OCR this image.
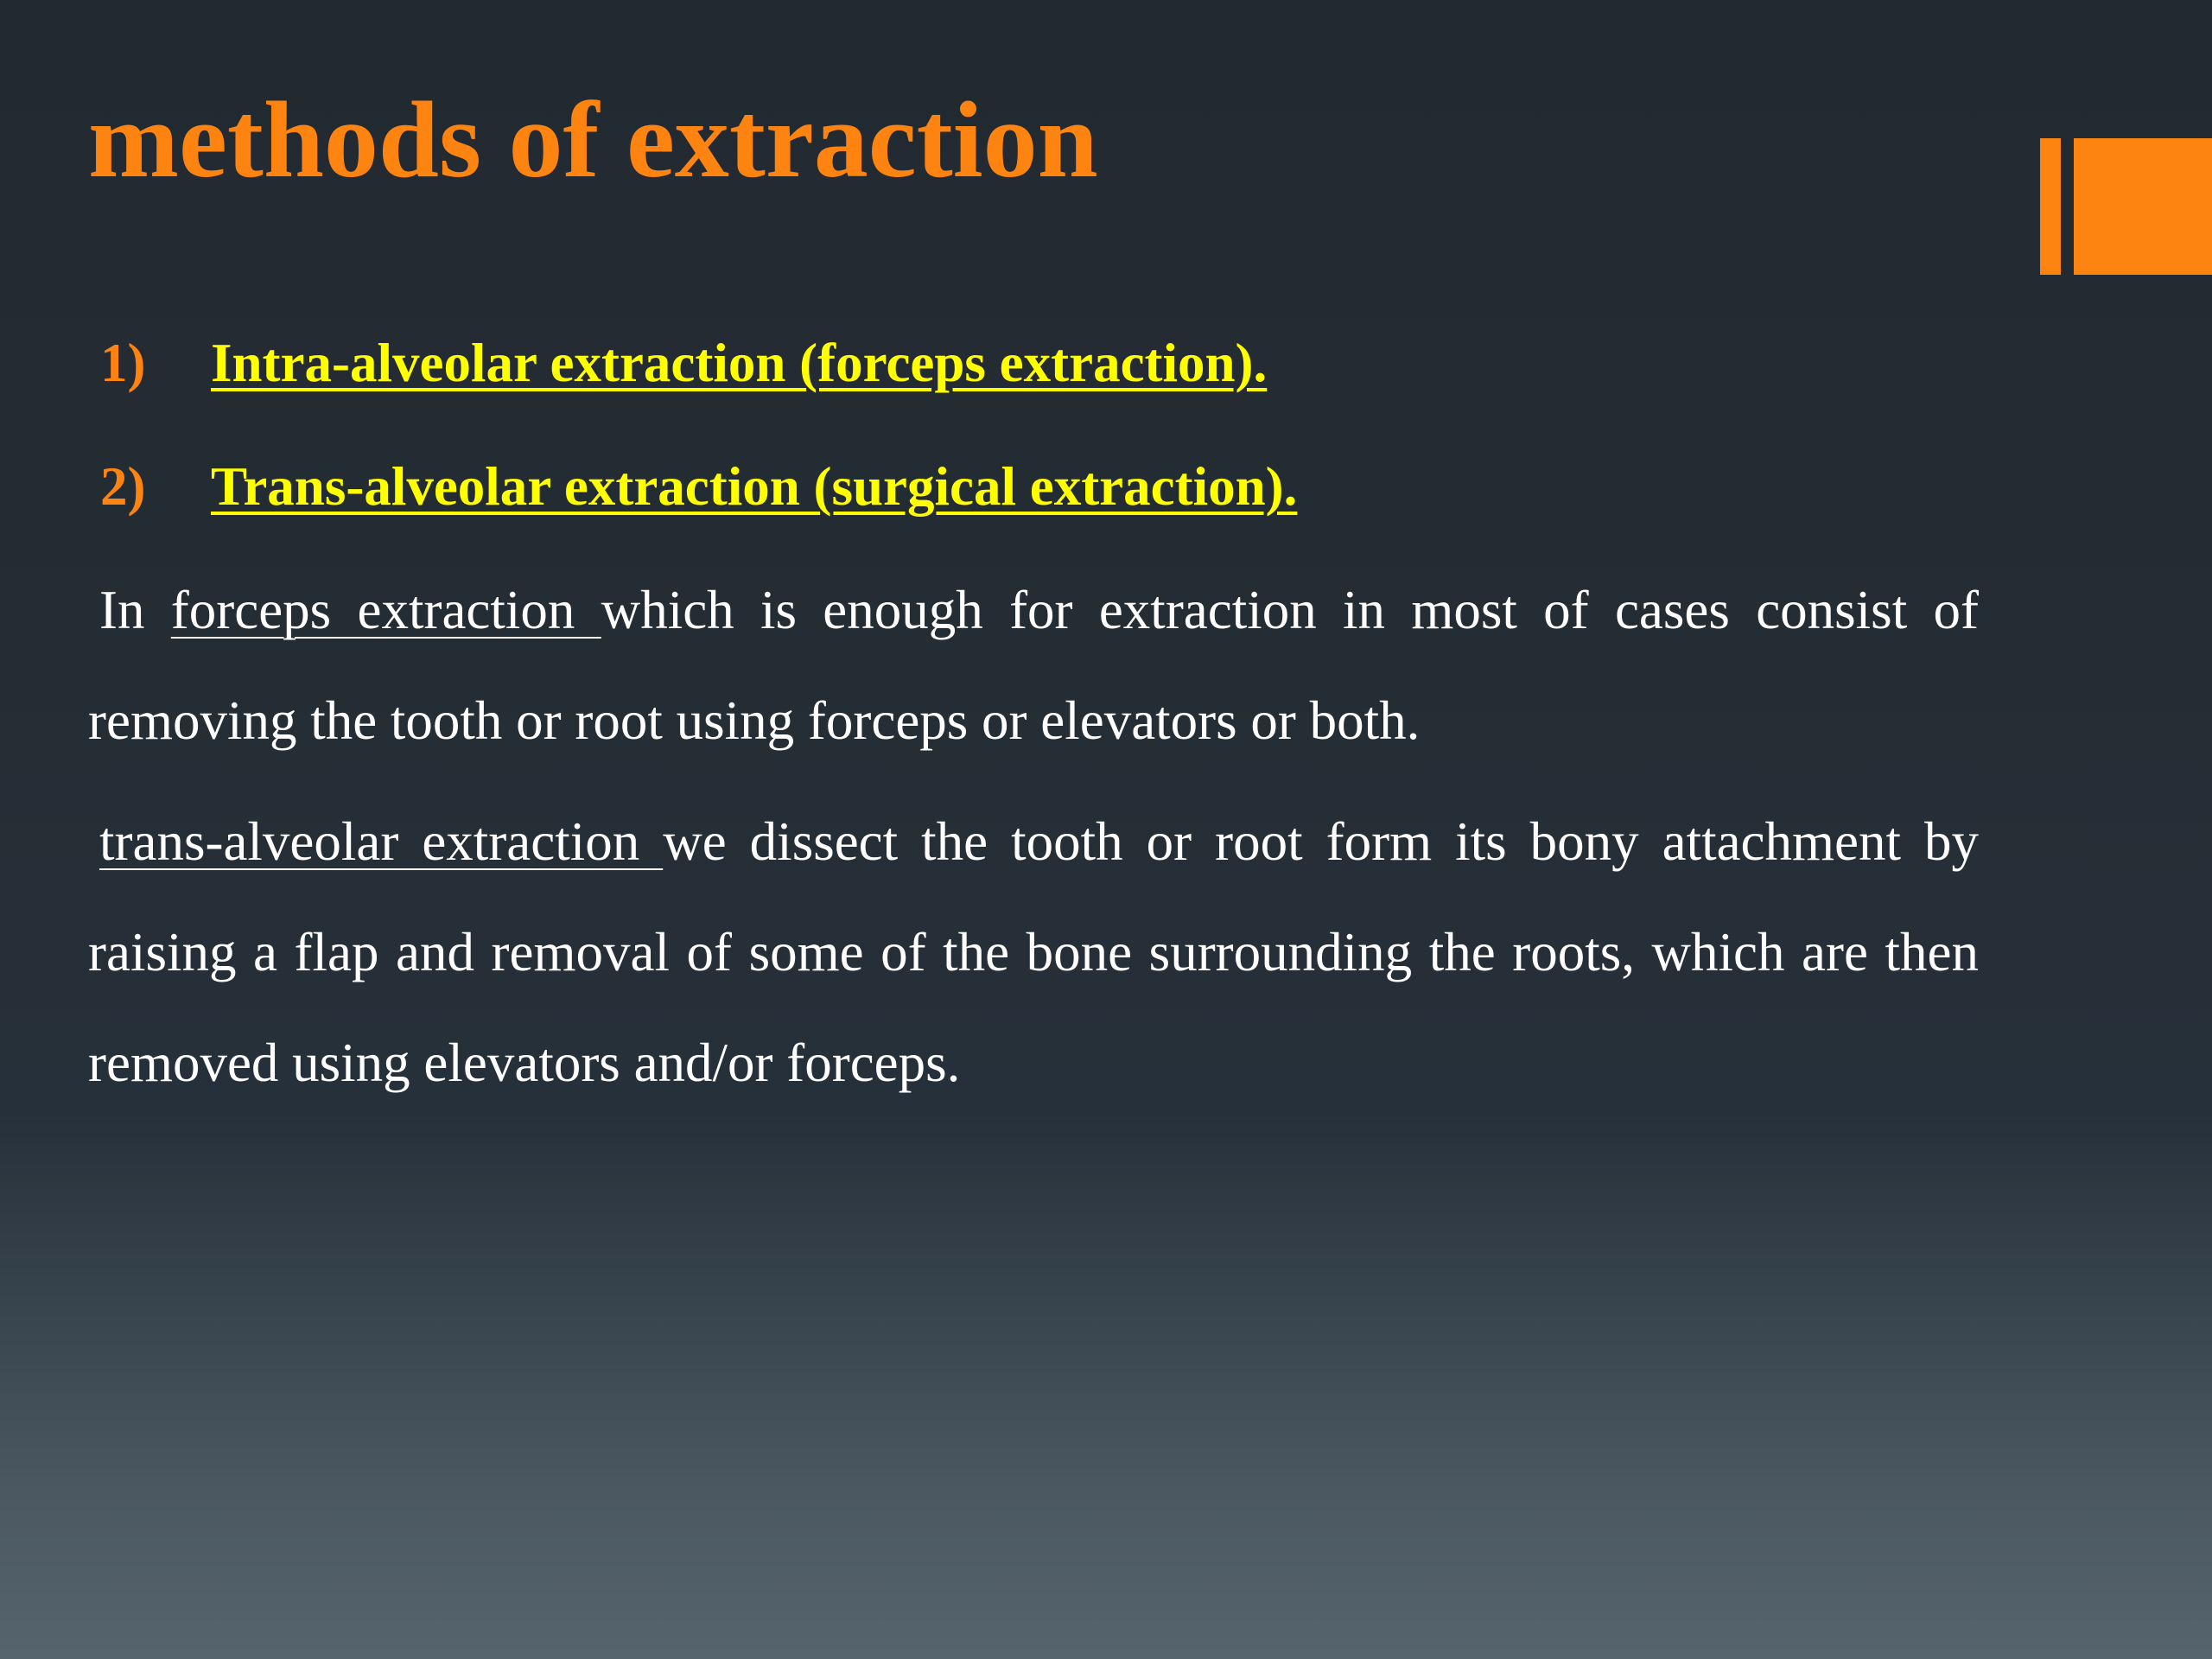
methods of extraction
1) Intra-alveolar extraction (forceps extraction).
2) Trans-alveolar extraction (surgical extraction).

In forceps extraction which is enough for extraction in most of cases consist of removing the tooth or root using forceps or elevators or both.

trans-alveolar extraction we dissect the tooth or root form its bony attachment by raising a flap and removal of some of the bone surrounding the roots, which are then removed using elevators and/or forceps.
